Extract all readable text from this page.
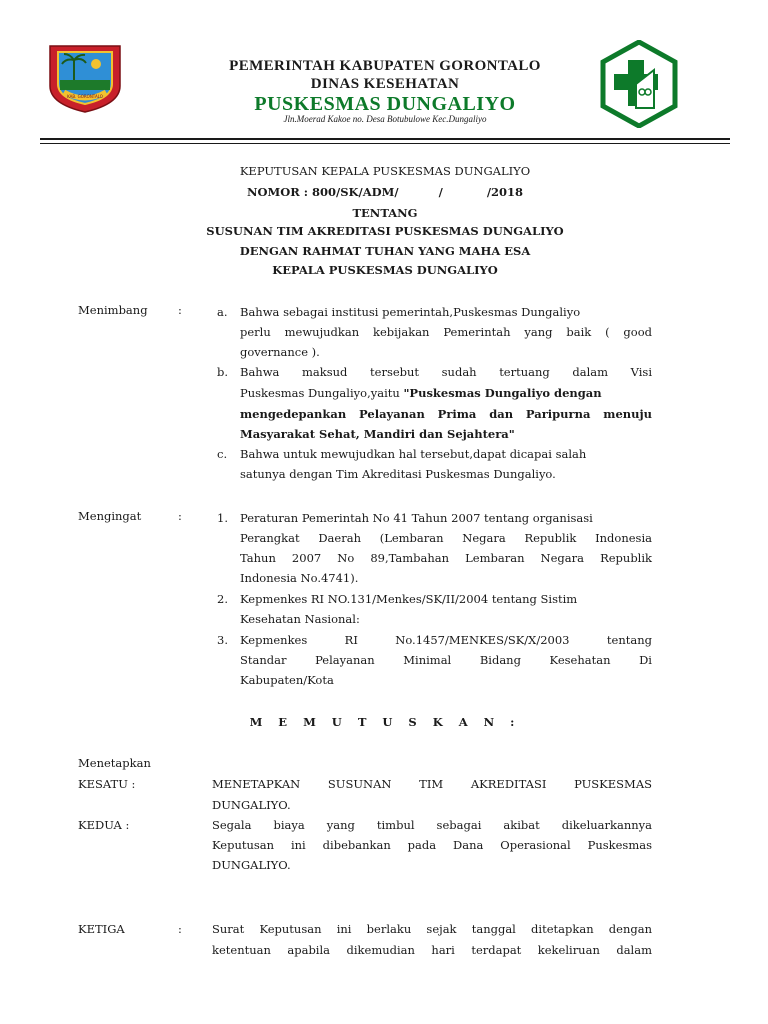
KAB. GORONTALO
PEMERINTAH KABUPATEN GORONTALO
DINAS KESEHATAN
PUSKESMAS DUNGALIYO
Jln.Moerad Kakoe no. Desa Botubulowe Kec.Dungaliyo
KEPUTUSAN KEPALA PUSKESMAS DUNGALIYO
NOMOR : 800/SK/ADM/          /           /2018
TENTANG
SUSUNAN TIM AKREDITASI PUSKESMAS DUNGALIYO
DENGAN RAHMAT TUHAN YANG MAHA ESA
KEPALA PUSKESMAS DUNGALIYO
Menimbang	:	a.	Bahwa sebagai institusi pemerintah,Puskesmas Dungaliyo
perlu mewujudkan kebijakan Pemerintah yang baik ( good
governance ).
b.	Bahwa maksud tersebut sudah tertuang dalam Visi
Puskesmas Dungaliyo,yaitu "Puskesmas Dungaliyo dengan
mengedepankan Pelayanan Prima dan Paripurna menuju
Masyarakat Sehat, Mandiri dan Sejahtera"
c.	Bahwa untuk mewujudkan hal tersebut,dapat dicapai salah
satunya dengan Tim Akreditasi Puskesmas Dungaliyo.
Mengingat	:	1.	Peraturan Pemerintah No 41 Tahun 2007 tentang organisasi
Perangkat Daerah (Lembaran Negara Republik Indonesia
Tahun 2007 No 89,Tambahan Lembaran Negara Republik
Indonesia No.4741).
2.	Kepmenkes RI NO.131/Menkes/SK/II/2004 tentang Sistim
Kesehatan Nasional:
3.	Kepmenkes RI No.1457/MENKES/SK/X/2003 tentang
Standar Pelayanan Minimal Bidang Kesehatan Di
Kabupaten/Kota
M E M U T U S K A N :
Menetapkan
KESATU :	MENETAPKAN SUSUNAN TIM AKREDITASI PUSKESMAS
DUNGALIYO.
KEDUA :	Segala biaya yang timbul sebagai akibat dikeluarkannya
Keputusan ini dibebankan pada Dana Operasional Puskesmas
DUNGALIYO.
KETIGA	:	Surat Keputusan ini berlaku sejak tanggal ditetapkan dengan
ketentuan apabila dikemudian hari terdapat kekeliruan dalam
